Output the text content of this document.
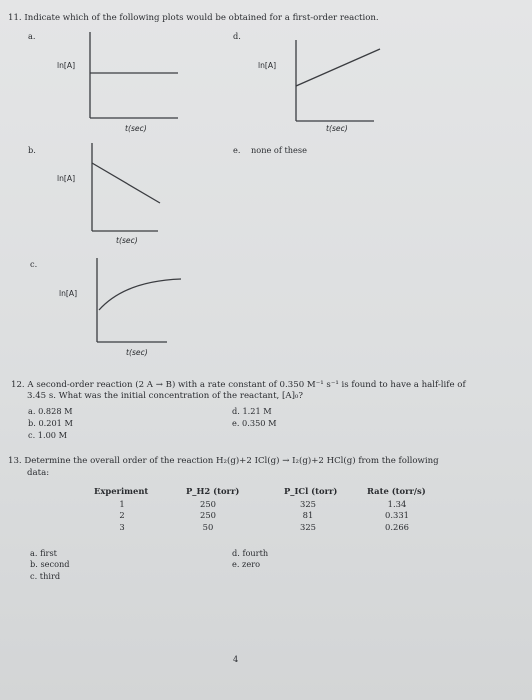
11. Indicate which of the following plots would be obtained for a first-order reaction.
a.
ln[A]
t(sec)
d.
ln[A]
t(sec)
b.
ln[A]
t(sec)
e. none of these
c.
ln[A]
t(sec)
12. A second-order reaction (2 A → B) with a rate constant of 0.350 M⁻¹ s⁻¹ is found to have a half-life of
3.45 s. What was the initial concentration of the reactant, [A]₀?
a. 0.828 M
b. 0.201 M
c. 1.00 M
d. 1.21 M
e. 0.350 M
13. Determine the overall order of the reaction H₂(g)+2 ICl(g) → I₂(g)+2 HCl(g) from the following
data:
Experiment	P_H2 (torr)	P_ICl (torr)	Rate (torr/s)
1	250	325	1.34
2	250	81	0.331
3	50	325	0.266
a. first
b. second
c. third
d. fourth
e. zero
4
